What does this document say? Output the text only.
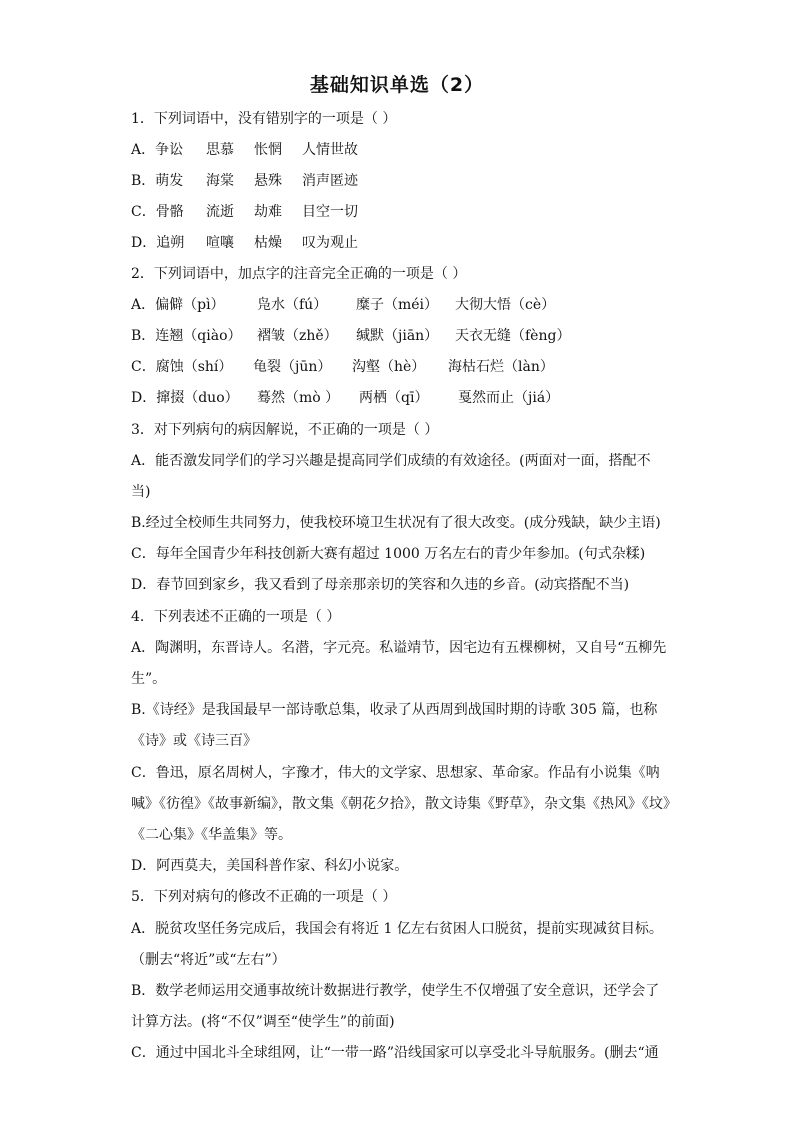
基础知识单选（2）
1．下列词语中，没有错别字的一项是（ ）
A．争讼 思慕 怅惘 人情世故
B．萌发 海棠 悬殊 消声匿迹
C．骨骼 流逝 劫难 目空一切
D．追朔 喧嚷 枯燥 叹为观止
2．下列词语中，加点字的注音完全正确的一项是（ ）
A．偏僻（pì） 凫水（fú） 糜子（méi） 大彻大悟（cè）
B．连翘（qiào） 褶皱（zhě） 缄默（jiān） 天衣无缝（fèng）
C．腐蚀（shí） 龟裂（jūn） 沟壑（hè） 海枯石烂（làn）
D．撺掇（duo） 蓦然（mò ） 两栖（qī） 戛然而止（jiá）
3．对下列病句的病因解说，不正确的一项是（ ）
A．能否激发同学们的学习兴趣是提高同学们成绩的有效途径。(两面对一面，搭配不
当)
B.经过全校师生共同努力，使我校环境卫生状况有了很大改变。(成分残缺，缺少主语)
C．每年全国青少年科技创新大赛有超过 1000 万名左右的青少年参加。(句式杂糅)
D．春节回到家乡，我又看到了母亲那亲切的笑容和久违的乡音。(动宾搭配不当)
4．下列表述不正确的一项是（ ）
A．陶渊明，东晋诗人。名潜，字元亮。私谥靖节，因宅边有五棵柳树，又自号“五柳先
生”。
B.《诗经》是我国最早一部诗歌总集，收录了从西周到战国时期的诗歌 305 篇，也称
《诗》或《诗三百》
C．鲁迅，原名周树人，字豫才，伟大的文学家、思想家、革命家。作品有小说集《呐
喊》《彷徨》《故事新编》，散文集《朝花夕拾》，散文诗集《野草》，杂文集《热风》《坟》
《二心集》《华盖集》等。
D．阿西莫夫，美国科普作家、科幻小说家。
5．下列对病句的修改不正确的一项是（ ）
A．脱贫攻坚任务完成后，我国会有将近 1 亿左右贫困人口脱贫，提前实现减贫目标。
（删去“将近”或“左右”）
B．数学老师运用交通事故统计数据进行教学，使学生不仅增强了安全意识，还学会了
计算方法。(将“不仅”调至“使学生”的前面)
C．通过中国北斗全球组网，让“一带一路”沿线国家可以享受北斗导航服务。(删去“通
